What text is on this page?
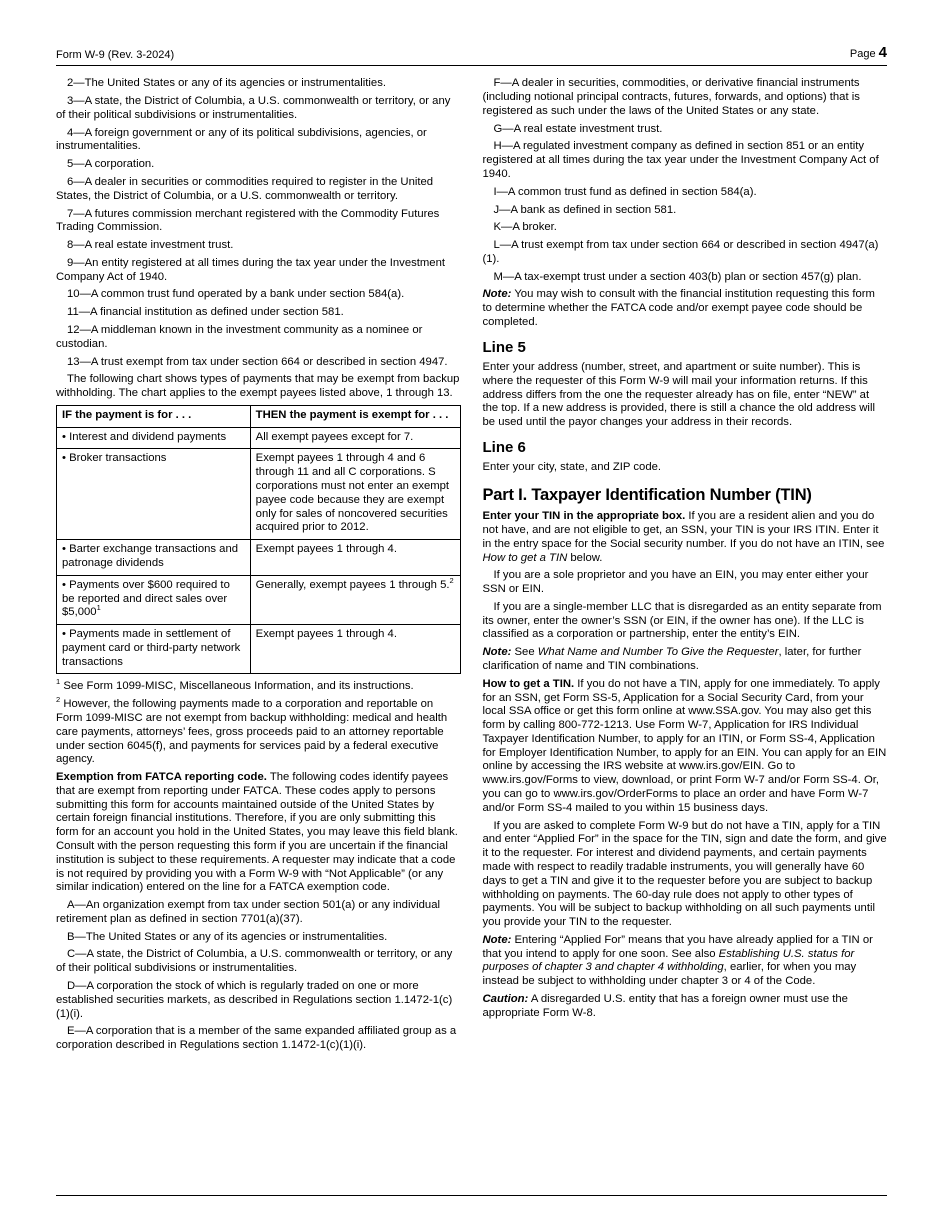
Form W-9 (Rev. 3-2024)	Page 4

2—The United States or any of its agencies or instrumentalities.

3—A state, the District of Columbia, a U.S. commonwealth or territory, or any of their political subdivisions or instrumentalities.

4—A foreign government or any of its political subdivisions, agencies, or instrumentalities.

5—A corporation.

6—A dealer in securities or commodities required to register in the United States, the District of Columbia, or a U.S. commonwealth or territory.

7—A futures commission merchant registered with the Commodity Futures Trading Commission.

8—A real estate investment trust.

9—An entity registered at all times during the tax year under the Investment Company Act of 1940.

10—A common trust fund operated by a bank under section 584(a).

11—A financial institution as defined under section 581.

12—A middleman known in the investment community as a nominee or custodian.

13—A trust exempt from tax under section 664 or described in section 4947.

The following chart shows types of payments that may be exempt from backup withholding. The chart applies to the exempt payees listed above, 1 through 13.

IF the payment is for . . .	THEN the payment is exempt for . . .
• Interest and dividend payments	All exempt payees except for 7.
• Broker transactions	Exempt payees 1 through 4 and 6 through 11 and all C corporations. S corporations must not enter an exempt payee code because they are exempt only for sales of noncovered securities acquired prior to 2012.
• Barter exchange transactions and patronage dividends	Exempt payees 1 through 4.
• Payments over $600 required to be reported and direct sales over $5,000$^1$	Generally, exempt payees 1 through 5.$^2$
• Payments made in settlement of payment card or third-party network transactions	Exempt payees 1 through 4.

$^1$ See Form 1099-MISC, Miscellaneous Information, and its instructions.

$^2$ However, the following payments made to a corporation and reportable on Form 1099-MISC are not exempt from backup withholding: medical and health care payments, attorneys’ fees, gross proceeds paid to an attorney reportable under section 6045(f), and payments for services paid by a federal executive agency.

Exemption from FATCA reporting code. The following codes identify payees that are exempt from reporting under FATCA. These codes apply to persons submitting this form for accounts maintained outside of the United States by certain foreign financial institutions. Therefore, if you are only submitting this form for an account you hold in the United States, you may leave this field blank. Consult with the person requesting this form if you are uncertain if the financial institution is subject to these requirements. A requester may indicate that a code is not required by providing you with a Form W-9 with “Not Applicable” (or any similar indication) entered on the line for a FATCA exemption code.

A—An organization exempt from tax under section 501(a) or any individual retirement plan as defined in section 7701(a)(37).

B—The United States or any of its agencies or instrumentalities.

C—A state, the District of Columbia, a U.S. commonwealth or territory, or any of their political subdivisions or instrumentalities.

D—A corporation the stock of which is regularly traded on one or more established securities markets, as described in Regulations section 1.1472-1(c)(1)(i).

E—A corporation that is a member of the same expanded affiliated group as a corporation described in Regulations section 1.1472-1(c)(1)(i).

F—A dealer in securities, commodities, or derivative financial instruments (including notional principal contracts, futures, forwards, and options) that is registered as such under the laws of the United States or any state.

G—A real estate investment trust.

H—A regulated investment company as defined in section 851 or an entity registered at all times during the tax year under the Investment Company Act of 1940.

I—A common trust fund as defined in section 584(a).

J—A bank as defined in section 581.

K—A broker.

L—A trust exempt from tax under section 664 or described in section 4947(a)(1).

M—A tax-exempt trust under a section 403(b) plan or section 457(g) plan.

Note: You may wish to consult with the financial institution requesting this form to determine whether the FATCA code and/or exempt payee code should be completed.

Line 5

Enter your address (number, street, and apartment or suite number). This is where the requester of this Form W-9 will mail your information returns. If this address differs from the one the requester already has on file, enter “NEW” at the top. If a new address is provided, there is still a chance the old address will be used until the payor changes your address in their records.

Line 6

Enter your city, state, and ZIP code.

Part I. Taxpayer Identification Number (TIN)

Enter your TIN in the appropriate box. If you are a resident alien and you do not have, and are not eligible to get, an SSN, your TIN is your IRS ITIN. Enter it in the entry space for the Social security number. If you do not have an ITIN, see How to get a TIN below.

If you are a sole proprietor and you have an EIN, you may enter either your SSN or EIN.

If you are a single-member LLC that is disregarded as an entity separate from its owner, enter the owner’s SSN (or EIN, if the owner has one). If the LLC is classified as a corporation or partnership, enter the entity’s EIN.

Note: See What Name and Number To Give the Requester, later, for further clarification of name and TIN combinations.

How to get a TIN. If you do not have a TIN, apply for one immediately. To apply for an SSN, get Form SS-5, Application for a Social Security Card, from your local SSA office or get this form online at www.SSA.gov. You may also get this form by calling 800-772-1213. Use Form W-7, Application for IRS Individual Taxpayer Identification Number, to apply for an ITIN, or Form SS-4, Application for Employer Identification Number, to apply for an EIN. You can apply for an EIN online by accessing the IRS website at www.irs.gov/EIN. Go to www.irs.gov/Forms to view, download, or print Form W-7 and/or Form SS-4. Or, you can go to www.irs.gov/OrderForms to place an order and have Form W-7 and/or Form SS-4 mailed to you within 15 business days.

If you are asked to complete Form W-9 but do not have a TIN, apply for a TIN and enter “Applied For” in the space for the TIN, sign and date the form, and give it to the requester. For interest and dividend payments, and certain payments made with respect to readily tradable instruments, you will generally have 60 days to get a TIN and give it to the requester before you are subject to backup withholding on payments. The 60-day rule does not apply to other types of payments. You will be subject to backup withholding on all such payments until you provide your TIN to the requester.

Note: Entering “Applied For” means that you have already applied for a TIN or that you intend to apply for one soon. See also Establishing U.S. status for purposes of chapter 3 and chapter 4 withholding, earlier, for when you may instead be subject to withholding under chapter 3 or 4 of the Code.

Caution: A disregarded U.S. entity that has a foreign owner must use the appropriate Form W-8.
